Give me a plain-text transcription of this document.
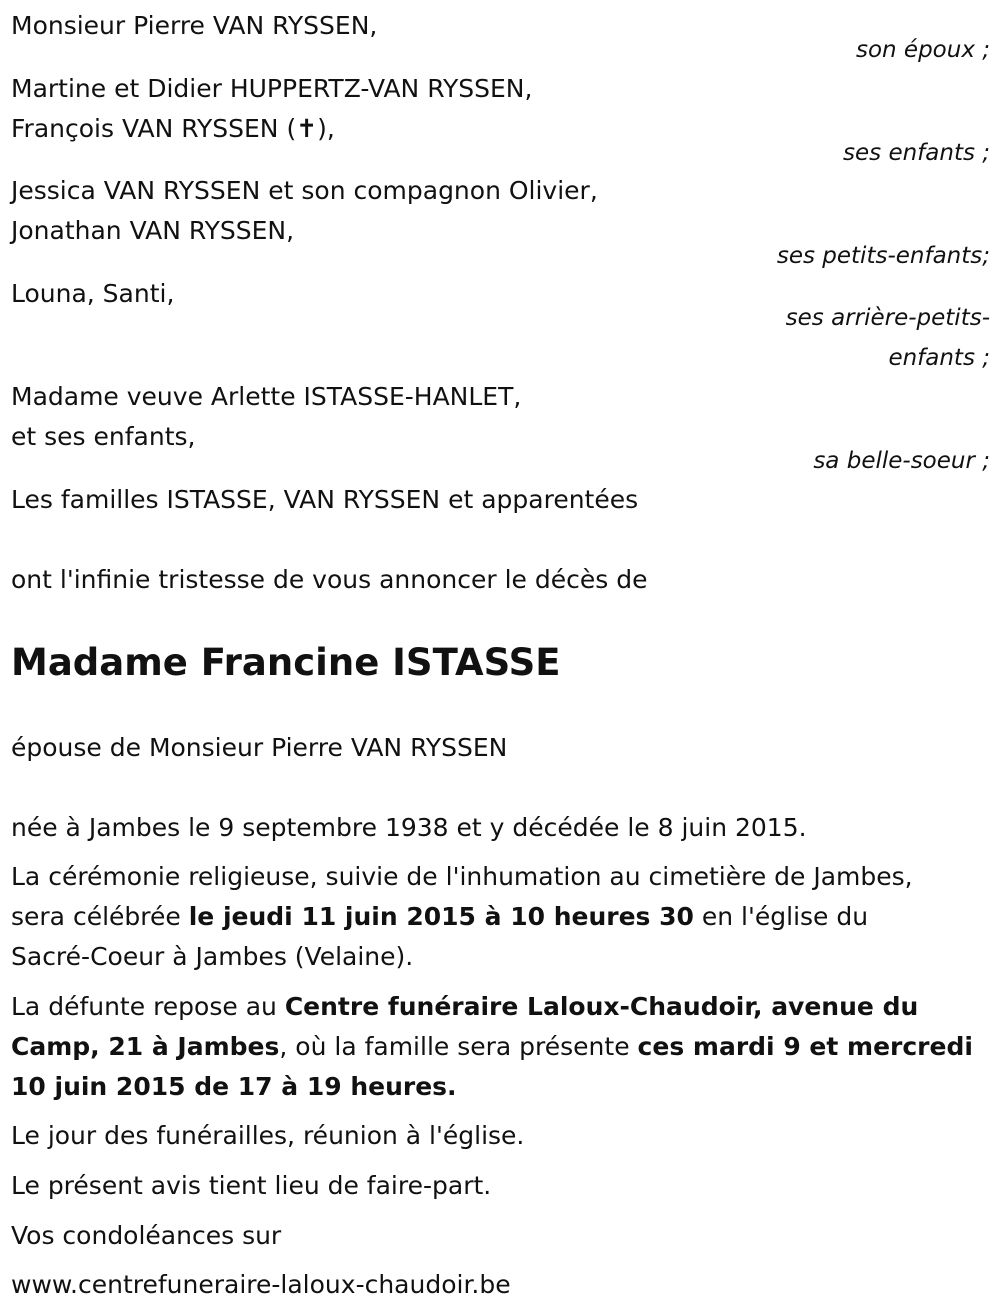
Monsieur Pierre VAN RYSSEN,
son époux ;
Martine et Didier HUPPERTZ-VAN RYSSEN,
François VAN RYSSEN (✝),
ses enfants ;
Jessica VAN RYSSEN et son compagnon Olivier,
Jonathan VAN RYSSEN,
ses petits-enfants;
Louna, Santi,
ses arrière-petits-
enfants ;
Madame veuve Arlette ISTASSE-HANLET,
et ses enfants,
sa belle-soeur ;
Les familles ISTASSE, VAN RYSSEN et apparentées
ont l'infinie tristesse de vous annoncer le décès de
Madame Francine ISTASSE
épouse de Monsieur Pierre VAN RYSSEN
née à Jambes le 9 septembre 1938 et y décédée le 8 juin 2015.
La cérémonie religieuse, suivie de l'inhumation au cimetière de Jambes,
sera célébrée le jeudi 11 juin 2015 à 10 heures 30 en l'église du
Sacré-Coeur à Jambes (Velaine).
La défunte repose au Centre funéraire Laloux-Chaudoir, avenue du
Camp, 21 à Jambes, où la famille sera présente ces mardi 9 et mercredi
10 juin 2015 de 17 à 19 heures.
Le jour des funérailles, réunion à l'église.
Le présent avis tient lieu de faire-part.
Vos condoléances sur
www.centrefuneraire-laloux-chaudoir.be
